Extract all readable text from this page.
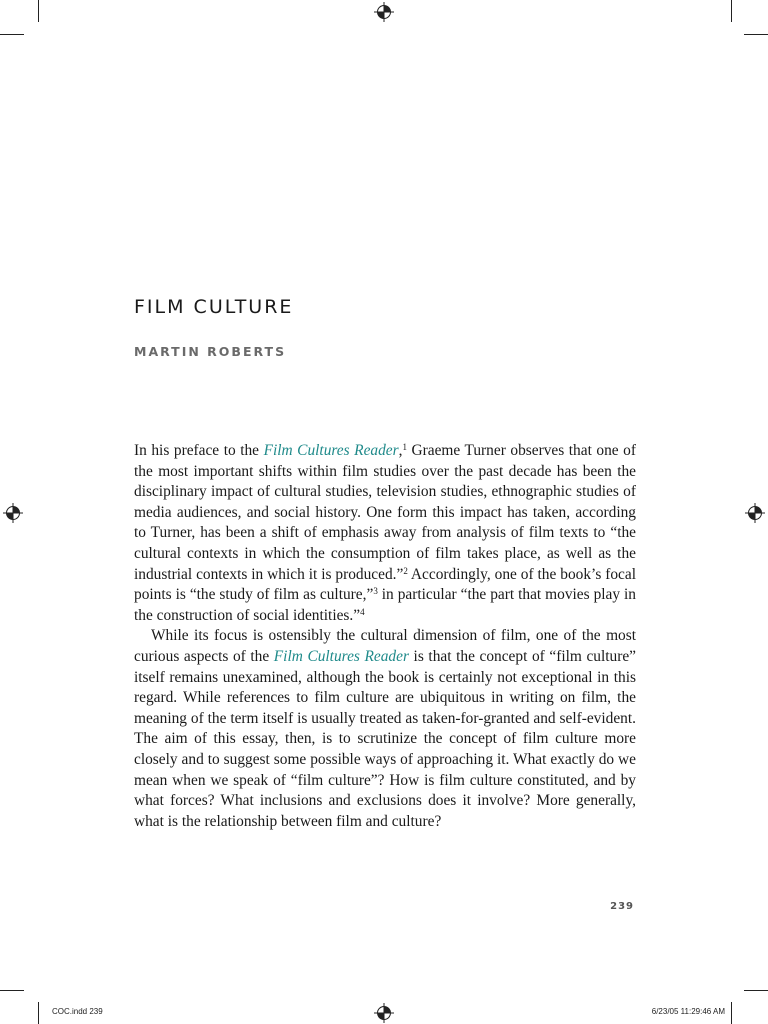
FILM CULTURE
MARTIN ROBERTS

In his preface to the Film Cultures Reader,$^1$ Graeme Turner observes that one of the most important shifts within film studies over the past decade has been the disciplinary impact of cultural studies, television studies, ethnographic studies of media audiences, and social history. One form this impact has taken, according to Turner, has been a shift of emphasis away from analysis of film texts to “the cultural contexts in which the consumption of film takes place, as well as the industrial contexts in which it is produced.”$^2$ Accordingly, one of the book’s focal points is “the study of film as culture,”$^3$ in particular “the part that movies play in the construction of social identities.”$^4$

While its focus is ostensibly the cultural dimension of film, one of the most curious aspects of the Film Cultures Reader is that the concept of “film culture” itself remains unexamined, although the book is certainly not exceptional in this regard. While references to film culture are ubiquitous in writing on film, the meaning of the term itself is usually treated as taken-for-granted and self-evident. The aim of this essay, then, is to scrutinize the concept of film culture more closely and to suggest some possible ways of approaching it. What exactly do we mean when we speak of “film culture”? How is film culture constituted, and by what forces? What inclusions and exclusions does it involve? More generally, what is the relationship between film and culture?

239
COC.indd 239	6/23/05 11:29:46 AM
